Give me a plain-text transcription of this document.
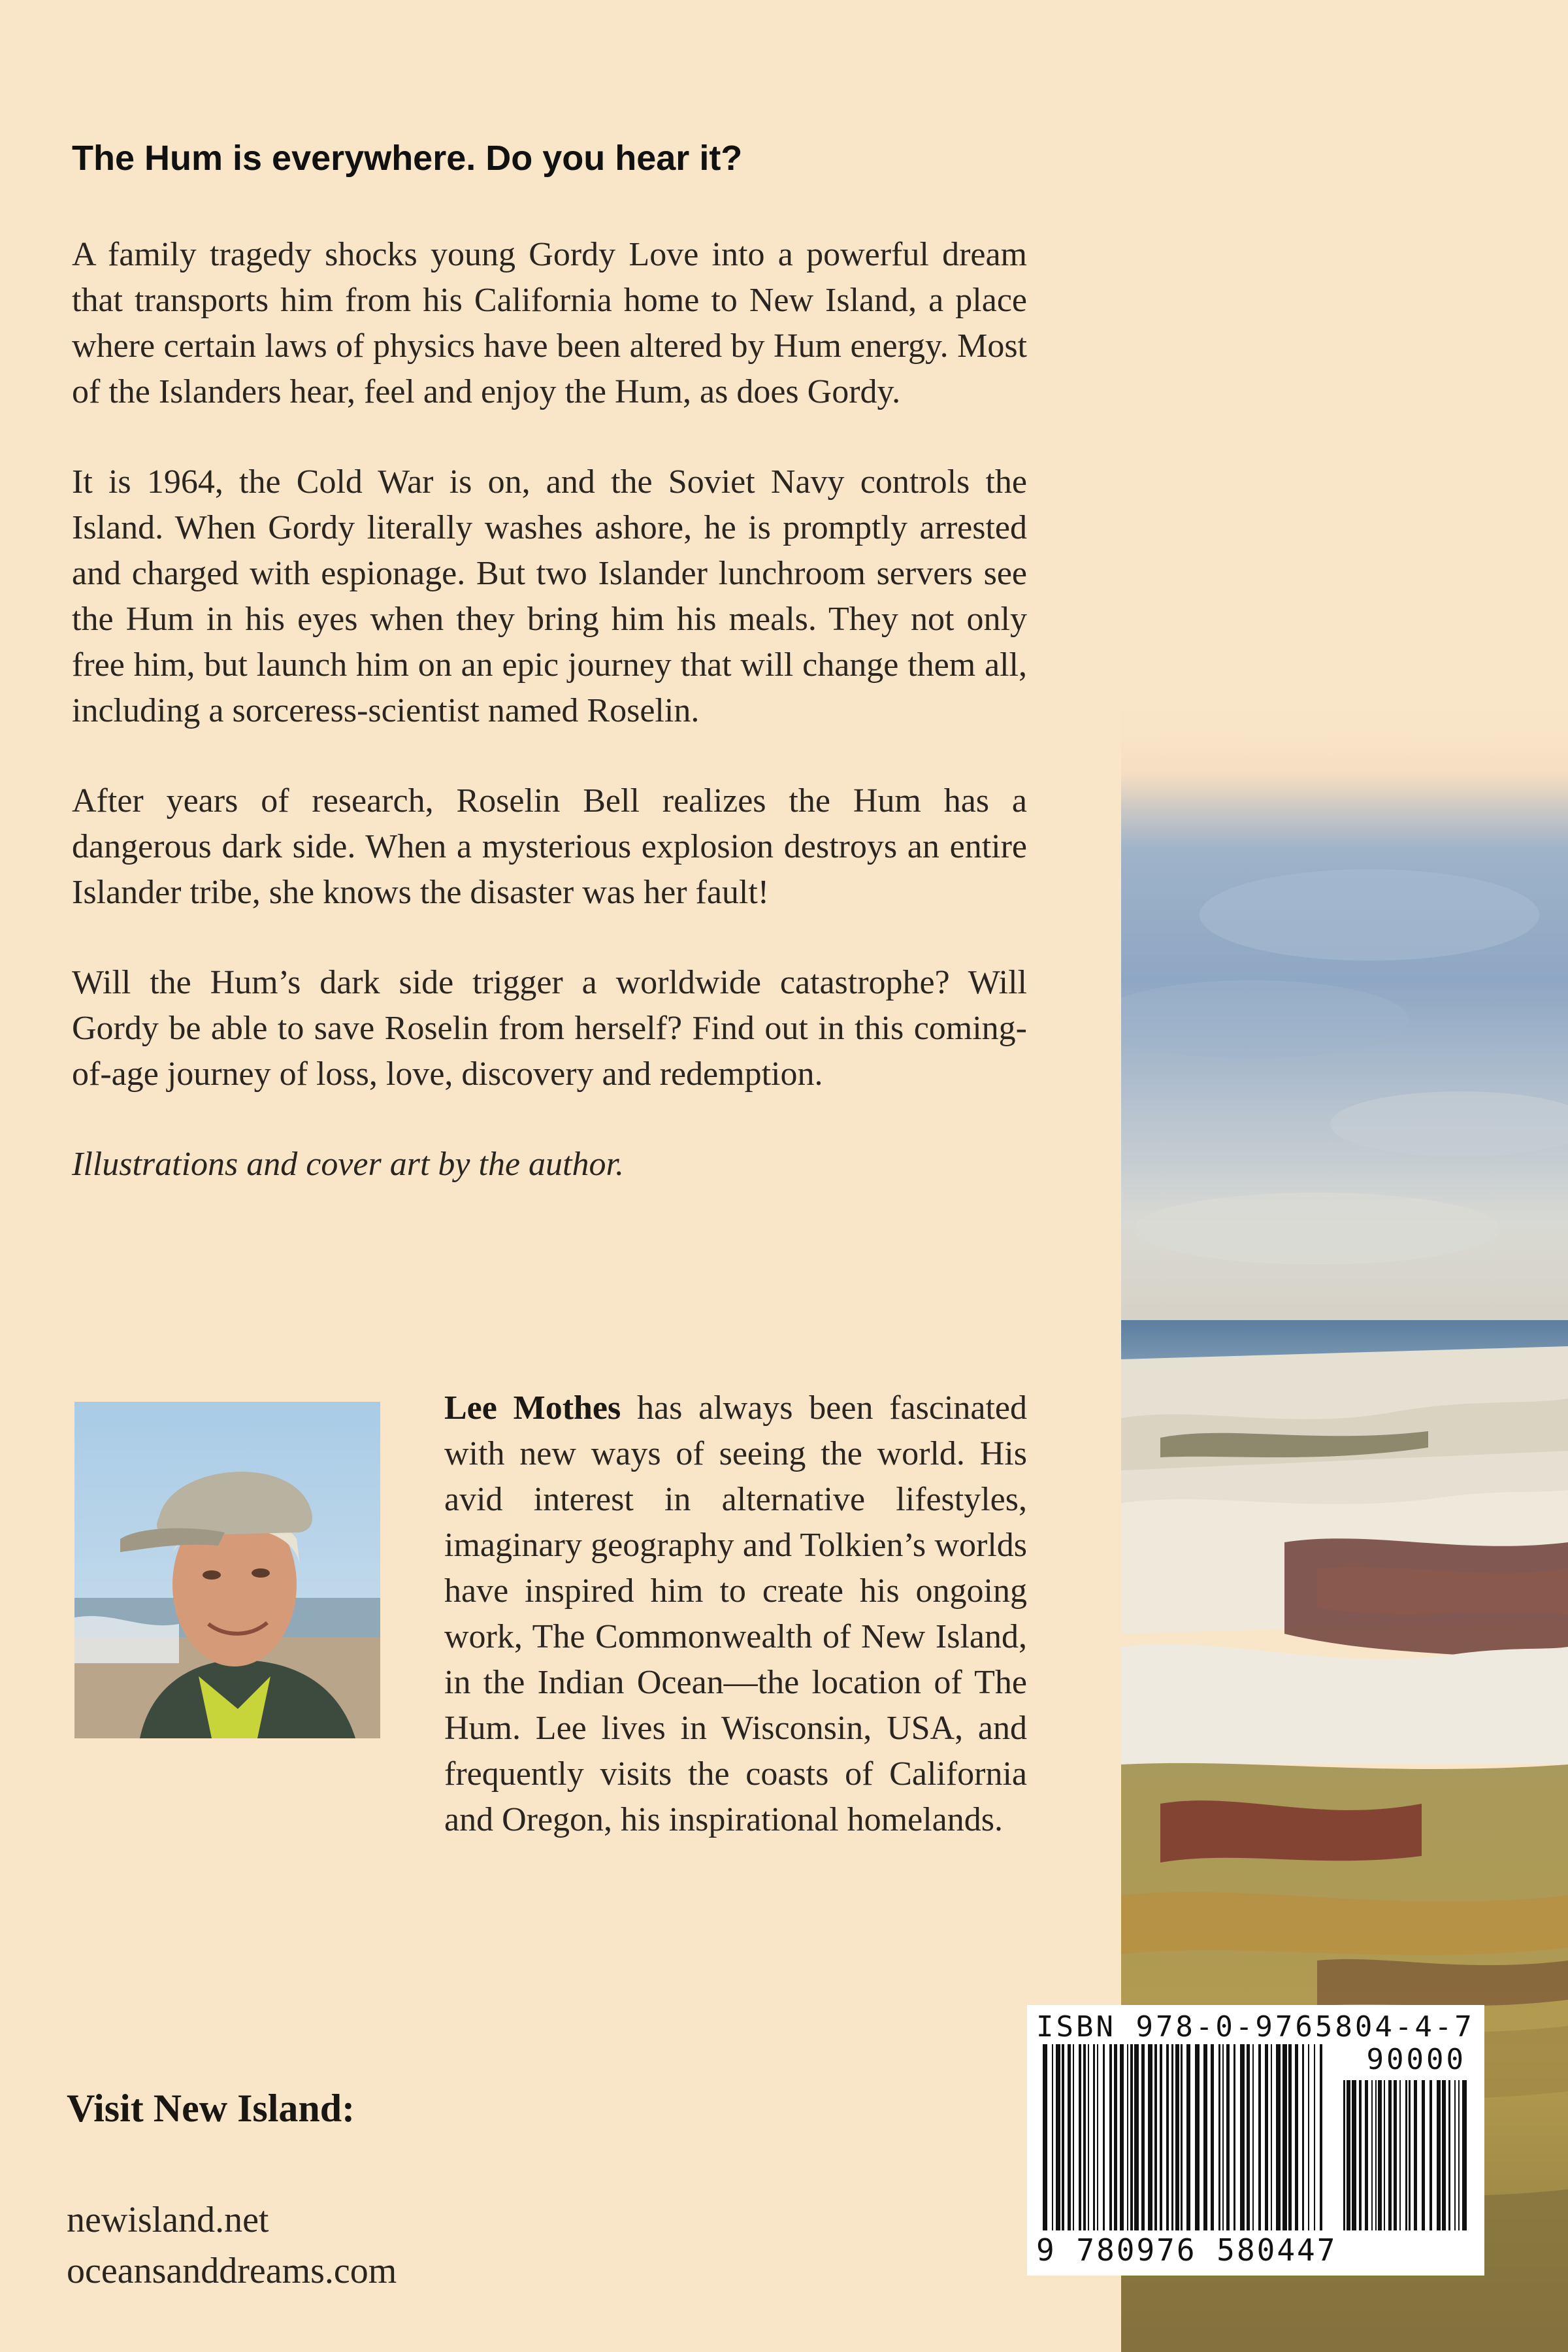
The Hum is everywhere. Do you hear it?

A family tragedy shocks young Gordy Love into a powerful dream that transports him from his California home to New Island, a place where certain laws of physics have been altered by Hum energy. Most of the Islanders hear, feel and enjoy the Hum, as does Gordy.

It is 1964, the Cold War is on, and the Soviet Navy controls the Island. When Gordy literally washes ashore, he is promptly arrested and charged with espionage. But two Islander lunchroom servers see the Hum in his eyes when they bring him his meals. They not only free him, but launch him on an epic journey that will change them all, including a sorceress-scientist named Roselin.

After years of research, Roselin Bell realizes the Hum has a dangerous dark side. When a mysterious explosion destroys an entire Islander tribe, she knows the disaster was her fault!

Will the Hum’s dark side trigger a worldwide catastrophe? Will Gordy be able to save Roselin from herself? Find out in this coming-of-age journey of loss, love, discovery and redemption.

Illustrations and cover art by the author.

Lee Mothes has always been fascinated with new ways of seeing the world. His avid interest in alternative lifestyles, imaginary geography and Tolkien’s worlds have inspired him to create his ongoing work, The Commonwealth of New Island, in the Indian Ocean—the location of The Hum. Lee lives in Wisconsin, USA, and frequently visits the coasts of California and Oregon, his inspirational homelands.

Visit New Island:
newisland.net
oceansanddreams.com
ISBN 978-0-9765804-4-7
90000
9 780976 580447
